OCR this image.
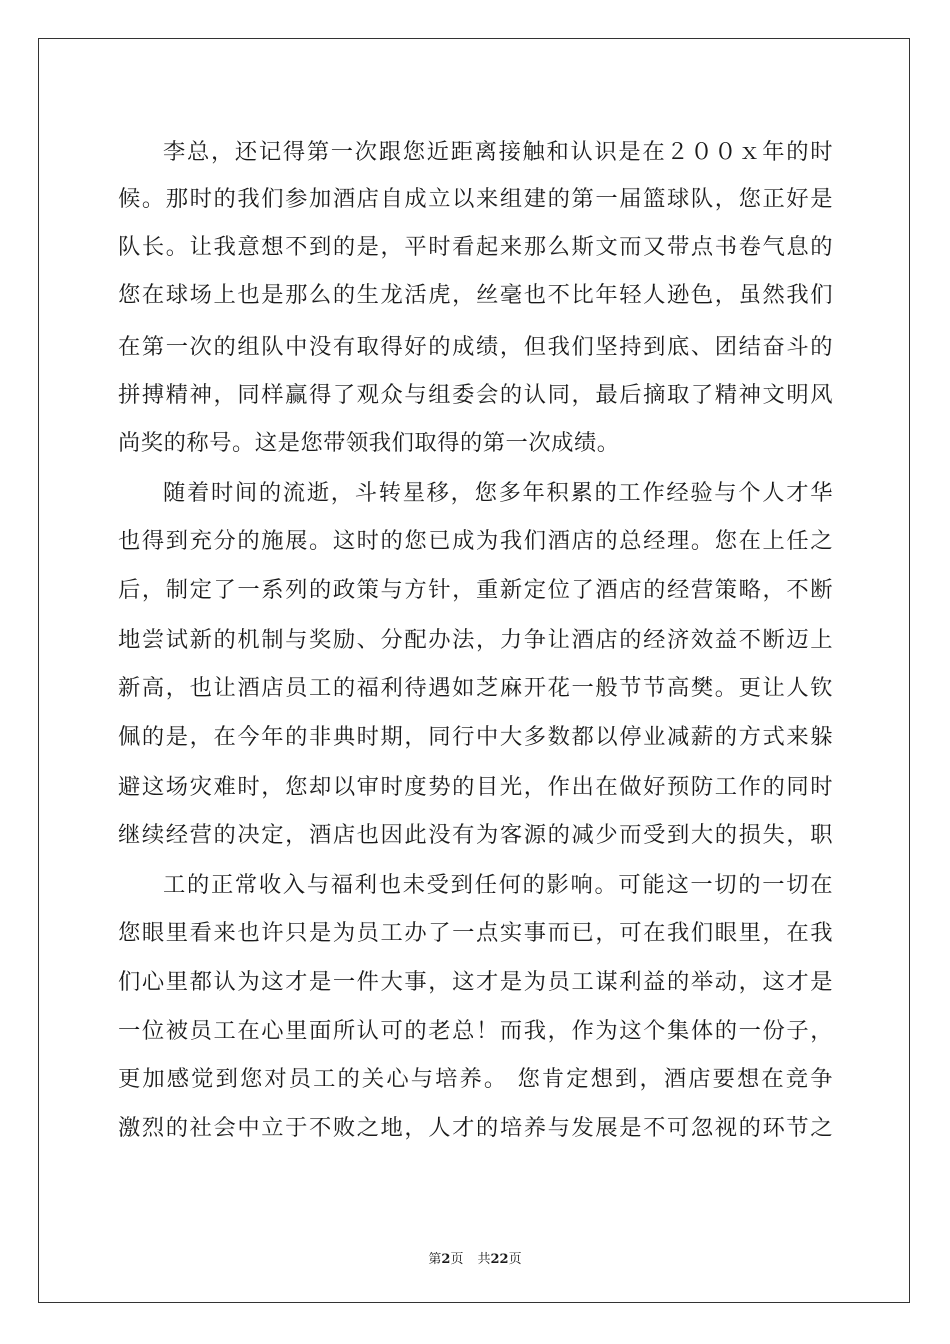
李总，还记得第一次跟您近距离接触和认识是在２００ｘ年的时
候。那时的我们参加酒店自成立以来组建的第一届篮球队，您正好是
队长。让我意想不到的是，平时看起来那么斯文而又带点书卷气息的
您在球场上也是那么的生龙活虎，丝毫也不比年轻人逊色，虽然我们
在第一次的组队中没有取得好的成绩，但我们坚持到底、团结奋斗的
拼搏精神，同样赢得了观众与组委会的认同，最后摘取了精神文明风
尚奖的称号。这是您带领我们取得的第一次成绩。
随着时间的流逝，斗转星移，您多年积累的工作经验与个人才华
也得到充分的施展。这时的您已成为我们酒店的总经理。您在上任之
后，制定了一系列的政策与方针，重新定位了酒店的经营策略，不断
地尝试新的机制与奖励、分配办法，力争让酒店的经济效益不断迈上
新高，也让酒店员工的福利待遇如芝麻开花一般节节高樊。更让人钦
佩的是，在今年的非典时期，同行中大多数都以停业减薪的方式来躲
避这场灾难时，您却以审时度势的目光，作出在做好预防工作的同时
继续经营的决定，酒店也因此没有为客源的减少而受到大的损失，职
工的正常收入与福利也未受到任何的影响。可能这一切的一切在
您眼里看来也许只是为员工办了一点实事而已，可在我们眼里，在我
们心里都认为这才是一件大事，这才是为员工谋利益的举动，这才是
一位被员工在心里面所认可的老总！而我，作为这个集体的一份子，
更加感觉到您对员工的关心与培养。 您肯定想到，酒店要想在竞争
激烈的社会中立于不败之地，人才的培养与发展是不可忽视的环节之
第2页 共22页
